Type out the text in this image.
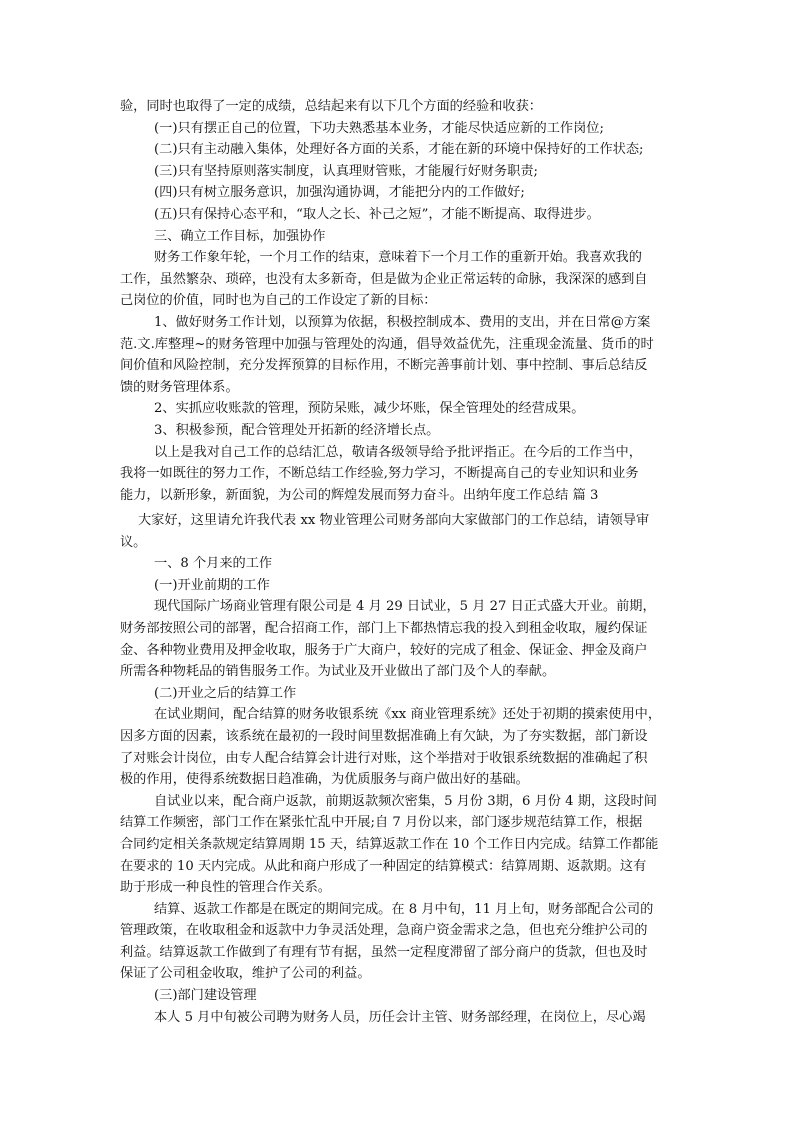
验，同时也取得了一定的成绩，总结起来有以下几个方面的经验和收获：

(一)只有摆正自己的位置，下功夫熟悉基本业务，才能尽快适应新的工作岗位;

(二)只有主动融入集体，处理好各方面的关系，才能在新的环境中保持好的工作状态;

(三)只有坚持原则落实制度，认真理财管账，才能履行好财务职责;

(四)只有树立服务意识，加强沟通协调，才能把分内的工作做好;

(五)只有保持心态平和，“取人之长、补己之短”，才能不断提高、取得进步。

三、确立工作目标，加强协作

财务工作象年轮，一个月工作的结束，意味着下一个月工作的重新开始。我喜欢我的

工作，虽然繁杂、琐碎，也没有太多新奇，但是做为企业正常运转的命脉，我深深的感到自

己岗位的价值，同时也为自己的工作设定了新的目标：

1、做好财务工作计划，以预算为依据，积极控制成本、费用的支出，并在日常@方案

范.文.库整理~的财务管理中加强与管理处的沟通，倡导效益优先，注重现金流量、货币的时

间价值和风险控制，充分发挥预算的目标作用，不断完善事前计划、事中控制、事后总结反

馈的财务管理体系。

2、实抓应收账款的管理，预防呆账，减少坏账，保全管理处的经营成果。

3、积极参预，配合管理处开拓新的经济增长点。

以上是我对自己工作的总结汇总，敬请各级领导给予批评指正。在今后的工作当中，

我将一如既往的努力工作，不断总结工作经验,努力学习，不断提高自己的专业知识和业务

能力，以新形象，新面貌，为公司的辉煌发展而努力奋斗。出纳年度工作总结 篇 3

大家好，这里请允许我代表 xx 物业管理公司财务部向大家做部门的工作总结，请领导审

议。

一、8 个月来的工作

(一)开业前期的工作

现代国际广场商业管理有限公司是 4 月 29 日试业，5 月 27 日正式盛大开业。前期，

财务部按照公司的部署，配合招商工作，部门上下都热情忘我的投入到租金收取，履约保证

金、各种物业费用及押金收取，服务于广大商户，较好的完成了租金、保证金、押金及商户

所需各种物耗品的销售服务工作。为试业及开业做出了部门及个人的奉献。

(二)开业之后的结算工作

在试业期间，配合结算的财务收银系统《xx 商业管理系统》还处于初期的摸索使用中，

因多方面的因素，该系统在最初的一段时间里数据准确上有欠缺，为了夯实数据，部门新设

了对账会计岗位，由专人配合结算会计进行对账，这个举措对于收银系统数据的准确起了积

极的作用，使得系统数据日趋准确，为优质服务与商户做出好的基础。

自试业以来，配合商户返款，前期返款频次密集，5 月份 3期，6 月份 4 期，这段时间

结算工作频密，部门工作在紧张忙乱中开展;自 7 月份以来，部门逐步规范结算工作，根据

合同约定相关条款规定结算周期 15 天，结算返款工作在 10 个工作日内完成。结算工作都能

在要求的 10 天内完成。从此和商户形成了一种固定的结算模式：结算周期、返款期。这有

助于形成一种良性的管理合作关系。

结算、返款工作都是在既定的期间完成。在 8 月中旬，11 月上旬，财务部配合公司的

管理政策，在收取租金和返款中力争灵活处理，急商户资金需求之急，但也充分维护公司的

利益。结算返款工作做到了有理有节有据，虽然一定程度滞留了部分商户的货款，但也及时

保证了公司租金收取，维护了公司的利益。

(三)部门建设管理

本人 5 月中旬被公司聘为财务人员，历任会计主管、财务部经理，在岗位上，尽心竭
